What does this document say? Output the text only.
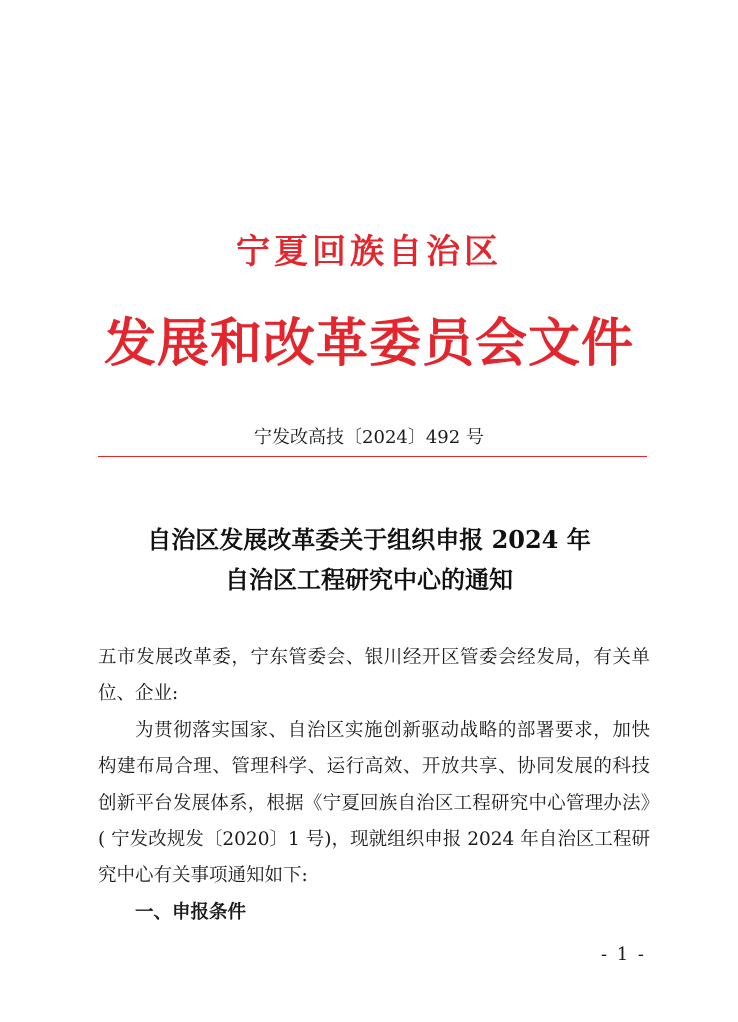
宁夏回族自治区
发展和改革委员会文件
宁发改高技〔2024〕492 号
自治区发展改革委关于组织申报 2024 年
自治区工程研究中心的通知

五市发展改革委，宁东管委会、银川经开区管委会经发局，有关单位、企业:

为贯彻落实国家、自治区实施创新驱动战略的部署要求，加快构建布局合理、管理科学、运行高效、开放共享、协同发展的科技创新平台发展体系，根据《宁夏回族自治区工程研究中心管理办法》( 宁发改规发〔2020〕1 号)，现就组织申报 2024 年自治区工程研究中心有关事项通知如下:

一、申报条件

- 1 -
